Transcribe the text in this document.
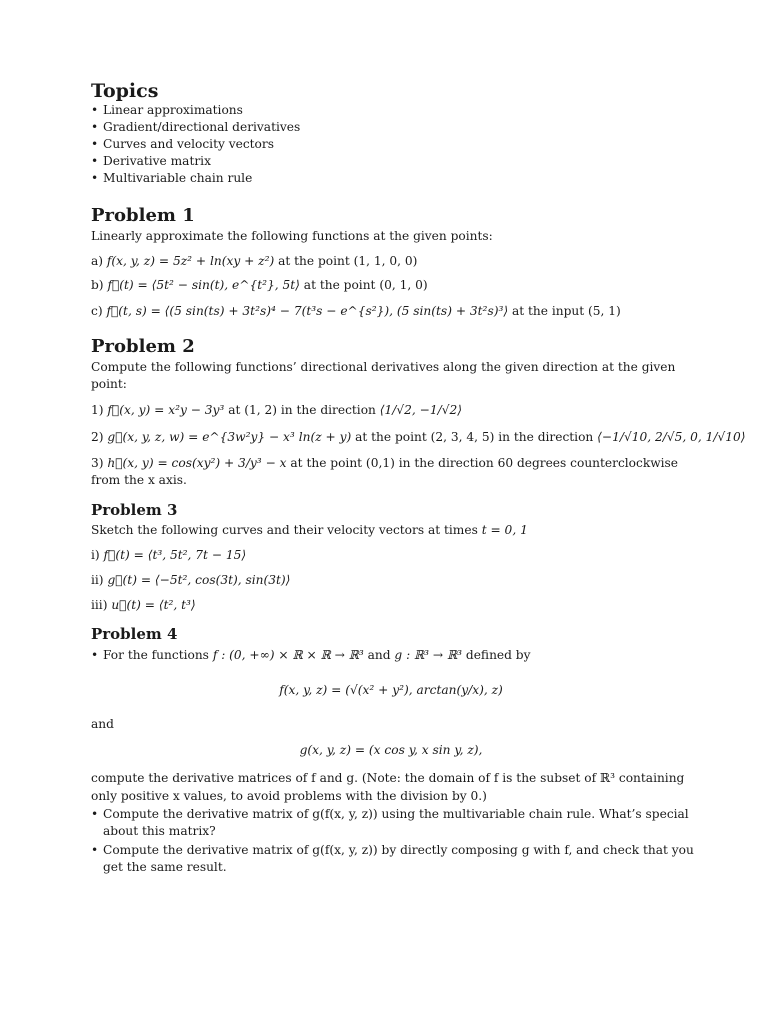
Topics
• Linear approximations
• Gradient/directional derivatives
• Curves and velocity vectors
• Derivative matrix
• Multivariable chain rule
Problem 1
Linearly approximate the following functions at the given points:
a) f(x, y, z) = 5z² + ln(xy + z²) at the point (1, 1, 0, 0)
b) f⃗(t) = ⟨5t² − sin(t), e^{t²}, 5t⟩ at the point (0, 1, 0)
c) f⃗(t, s) = ⟨(5 sin(ts) + 3t²s)⁴ − 7(t³s − e^{s²}), (5 sin(ts) + 3t²s)³⟩ at the input (5, 1)
Problem 2
Compute the following functions’ directional derivatives along the given direction at the given point:
1) f⃗(x, y) = x²y − 3y³ at (1, 2) in the direction ⟨1/√2, −1/√2⟩
2) g⃗(x, y, z, w) = e^{3w²y} − x³ ln(z + y) at the point (2, 3, 4, 5) in the direction ⟨−1/√10, 2/√5, 0, 1/√10⟩
3) h⃗(x, y) = cos(xy²) + 3/y³ − x at the point (0,1) in the direction 60 degrees counterclockwise from the x axis.
Problem 3
Sketch the following curves and their velocity vectors at times t = 0, 1
i) f⃗(t) = ⟨t³, 5t², 7t − 15⟩
ii) g⃗(t) = ⟨−5t², cos(3t), sin(3t)⟩
iii) u⃗(t) = ⟨t², t³⟩
Problem 4
• For the functions f : (0, +∞) × ℝ × ℝ → ℝ³ and g : ℝ³ → ℝ³ defined by
f(x, y, z) = (√(x² + y²), arctan(y/x), z)
and
g(x, y, z) = (x cos y, x sin y, z),
compute the derivative matrices of f and g. (Note: the domain of f is the subset of ℝ³ containing
only positive x values, to avoid problems with the division by 0.)
• Compute the derivative matrix of g(f(x, y, z)) using the multivariable chain rule. What’s special
about this matrix?
• Compute the derivative matrix of g(f(x, y, z)) by directly composing g with f, and check that you
get the same result.
